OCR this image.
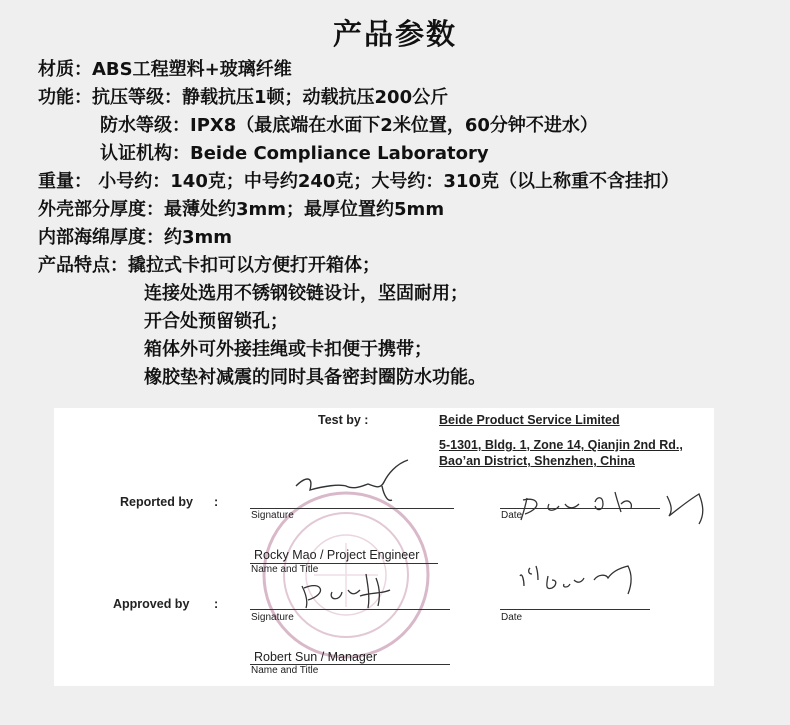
产品参数
材质：ABS工程塑料+玻璃纤维
功能：抗压等级：静载抗压1顿；动载抗压200公斤
防水等级：IPX8（最底端在水面下2米位置，60分钟不进水）
认证机构：Beide Compliance Laboratory
重量： 小号约：140克；中号约240克；大号约：310克（以上称重不含挂扣）
外壳部分厚度：最薄处约3mm；最厚位置约5mm
内部海绵厚度：约3mm
产品特点：撬拉式卡扣可以方便打开箱体；
连接处选用不锈钢铰链设计，坚固耐用；
开合处预留锁孔；
箱体外可外接挂绳或卡扣便于携带；
橡胶垫衬减震的同时具备密封圈防水功能。
Test by :	Beide Product Service Limited
5-1301, Bldg. 1, Zone 14, Qianjin 2nd Rd.,
Bao’an District, Shenzhen, China
Reported by :
Signature	Date
Rocky Mao / Project Engineer
Name and Title
Approved by :
Signature	Date
Robert Sun / Manager
Name and Title
